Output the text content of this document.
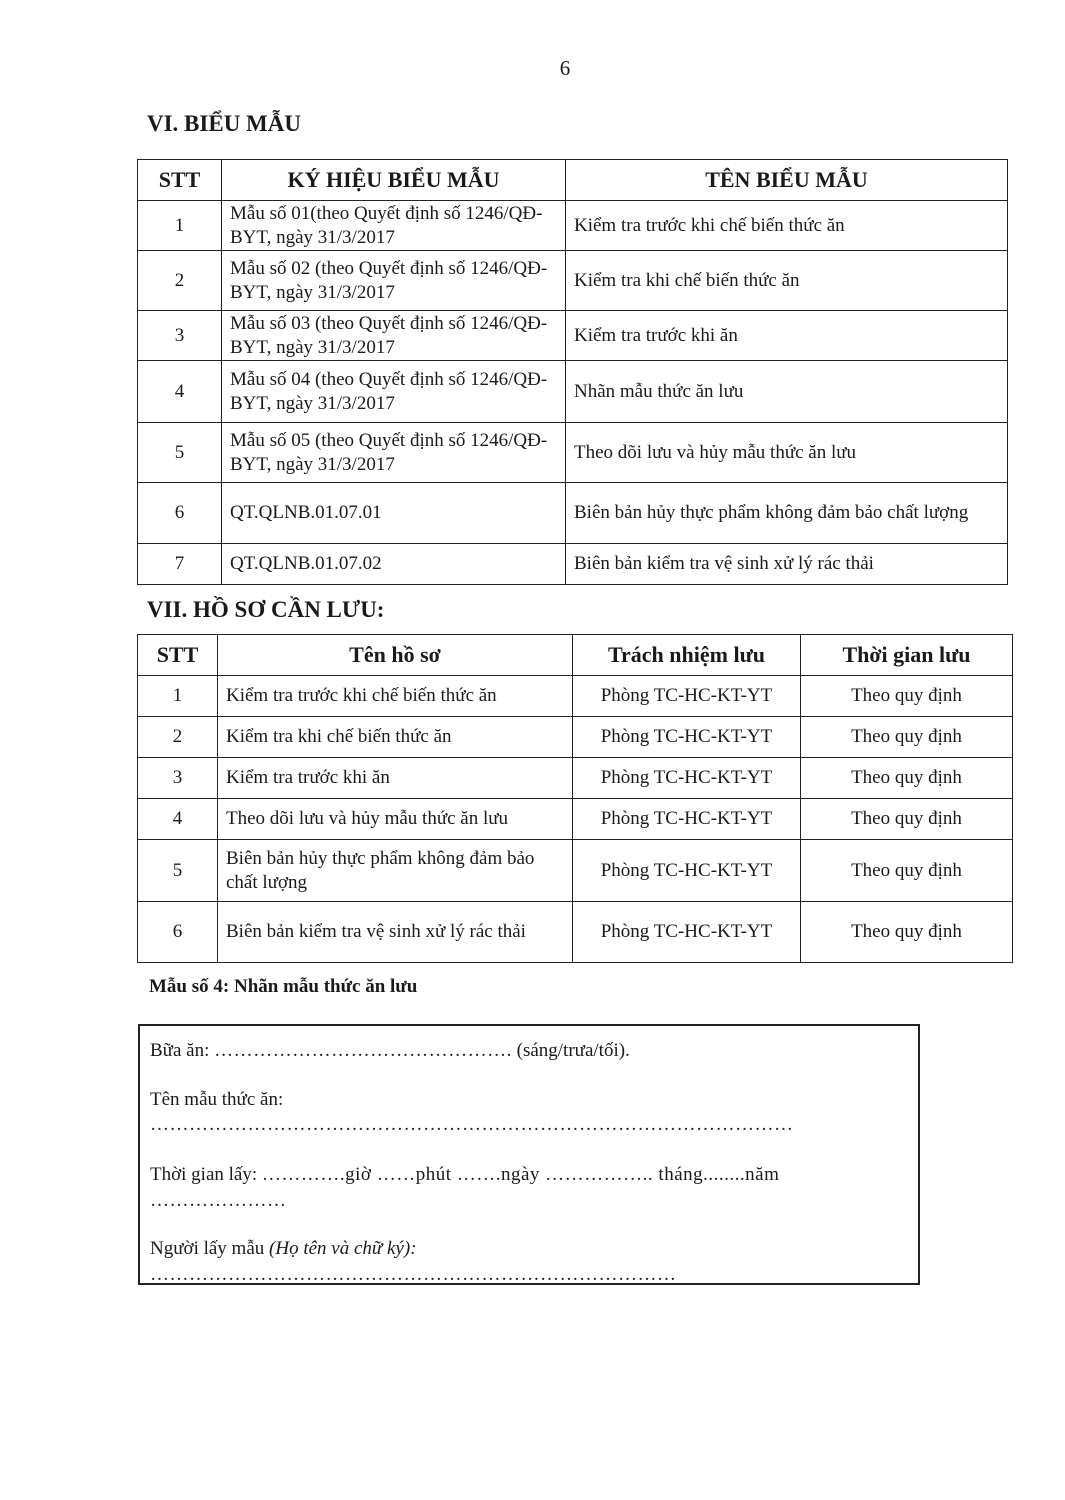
6
VI. BIỂU MẪU
STT	KÝ HIỆU BIỂU MẪU	TÊN BIỂU MẪU
1	Mẫu số 01(theo Quyết định số 1246/QĐ-BYT, ngày 31/3/2017	Kiểm tra trước khi chế biến thức ăn
2	Mẫu số 02 (theo Quyết định số 1246/QĐ-BYT, ngày 31/3/2017	Kiểm tra khi chế biến thức ăn
3	Mẫu số 03 (theo Quyết định số 1246/QĐ-BYT, ngày 31/3/2017	Kiểm tra trước khi ăn
4	Mẫu số 04 (theo Quyết định số 1246/QĐ-BYT, ngày 31/3/2017	Nhãn mẫu thức ăn lưu
5	Mẫu số 05 (theo Quyết định số 1246/QĐ-BYT, ngày 31/3/2017	Theo dõi lưu và hủy mẫu thức ăn lưu
6	QT.QLNB.01.07.01	Biên bản hủy thực phẩm không đảm bảo chất lượng
7	QT.QLNB.01.07.02	Biên bản kiểm tra vệ sinh xử lý rác thải
VII. HỒ SƠ CẦN LƯU:
STT	Tên hồ sơ	Trách nhiệm lưu	Thời gian lưu
1	Kiểm tra trước khi chế biến thức ăn	Phòng TC-HC-KT-YT	Theo quy định
2	Kiểm tra khi chế biến thức ăn	Phòng TC-HC-KT-YT	Theo quy định
3	Kiểm tra trước khi ăn	Phòng TC-HC-KT-YT	Theo quy định
4	Theo dõi lưu và hủy mẫu thức ăn lưu	Phòng TC-HC-KT-YT	Theo quy định
5	Biên bản hủy thực phẩm không đảm bảo chất lượng	Phòng TC-HC-KT-YT	Theo quy định
6	Biên bản kiểm tra vệ sinh xử lý rác thải	Phòng TC-HC-KT-YT	Theo quy định
Mẫu số 4: Nhãn mẫu thức ăn lưu
Bữa ăn: ………………………………………. (sáng/trưa/tối).
Tên mẫu thức ăn:
………………………………………………………………………………………
Thời gian lấy: ………….giờ ……phút …….ngày …………….. tháng........năm
…………………
Người lấy mẫu (Họ tên và chữ ký):
………………………………………………………………………
